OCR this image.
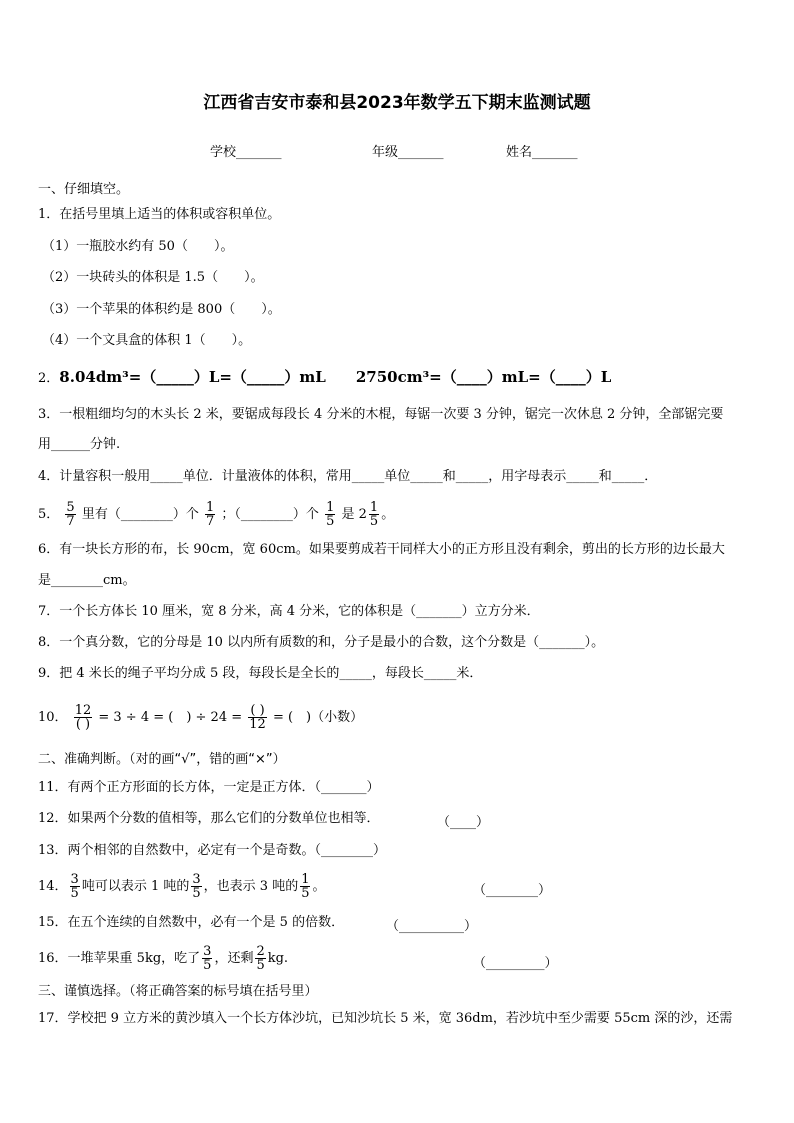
江西省吉安市泰和县2023年数学五下期末监测试题
学校_______	年级_______	姓名_______
一、仔细填空。
1．在括号里填上适当的体积或容积单位。
（1）一瓶胶水约有 50（　　）。
（2）一块砖头的体积是 1.5（　　）。
（3）一个苹果的体积约是 800（　　）。
（4）一个文具盒的体积 1（　　）。
2．8.04dm³=（_____）L=（_____）mL　　2750cm³=（____）mL=（____）L
3．一根粗细均匀的木头长 2 米，要锯成每段长 4 分米的木棍，每锯一次要 3 分钟，锯完一次休息 2 分钟，全部锯完要
用______分钟.
4．计量容积一般用_____单位．计量液体的体积，常用_____单位_____和_____，用字母表示_____和_____．
5． $\frac{5}{7}$ 里有（________）个 $\frac{1}{7}$ ；（________）个 $\frac{1}{5}$ 是 $2 \frac{1}{5}$ 。
6．有一块长方形的布，长 90cm，宽 60cm。如果要剪成若干同样大小的正方形且没有剩余，剪出的长方形的边长最大
是________cm。
7．一个长方体长 10 厘米，宽 8 分米，高 4 分米，它的体积是（_______）立方分米．
8．一个真分数，它的分母是 10 以内所有质数的和，分子是最小的合数，这个分数是（_______）。
9．把 4 米长的绳子平均分成 5 段，每段长是全长的_____，每段长_____米．
10． $\frac{12}{( )} = 3 \div 4$ = (　) ÷ $24 = \frac{( )}{12}$ = (　)（小数）
二、准确判断。（对的画“√”，错的画“×”）
11．有两个正方形面的长方体，一定是正方体．（_______）
12．如果两个分数的值相等，那么它们的分数单位也相等．	（____）
13．两个相邻的自然数中，必定有一个是奇数。（________）
14． $\frac{3}{5}$ 吨可以表示 1 吨的 $\frac{3}{5}$ ，也表示 3 吨的 $\frac{1}{5}$ 。	（________）
15．在五个连续的自然数中，必有一个是 5 的倍数．	（__________）
16．一堆苹果重 5kg，吃了 $\frac{3}{5}$ ，还剩 $\frac{2}{5}$ kg.	（_________）
三、谨慎选择。（将正确答案的标号填在括号里）
17．学校把 9 立方米的黄沙填入一个长方体沙坑，已知沙坑长 5 米，宽 36dm，若沙坑中至少需要 55cm 深的沙，还需
